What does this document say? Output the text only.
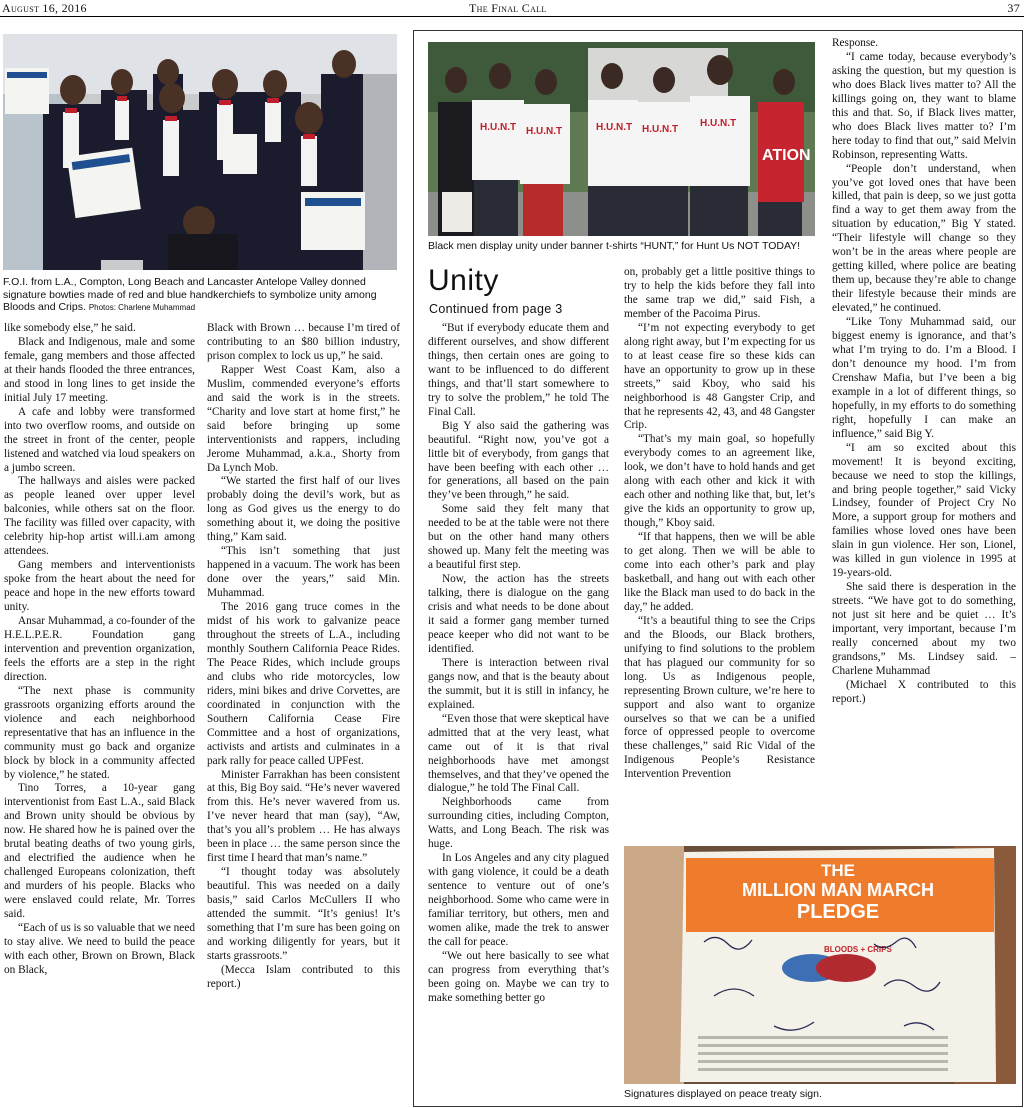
August 16, 2016	The Final Call	37
F.O.I. from L.A., Compton, Long Beach and Lancaster Antelope Valley donned signature bowties made of red and blue handkerchiefs to symbolize unity among Bloods and Crips. Photos: Charlene Muhammad

like somebody else,” he said.

Black and Indigenous, male and some female, gang members and those affected at their hands flooded the three entrances, and stood in long lines to get inside the initial July 17 meeting.

A cafe and lobby were transformed into two overflow rooms, and outside on the street in front of the center, people listened and watched via loud speakers on a jumbo screen.

The hallways and aisles were packed as people leaned over upper level balconies, while others sat on the floor. The facility was filled over capacity, with celebrity hip-hop artist will.i.am among attendees.

Gang members and interventionists spoke from the heart about the need for peace and hope in the new efforts toward unity.

Ansar Muhammad, a co-founder of the H.E.L.P.E.R. Foundation gang intervention and prevention organization, feels the efforts are a step in the right direction.

“The next phase is community grassroots organizing efforts around the violence and each neighborhood representative that has an influence in the community must go back and organize block by block in a community affected by violence,” he stated.

Tino Torres, a 10-year gang interventionist from East L.A., said Black and Brown unity should be obvious by now. He shared how he is pained over the brutal beating deaths of two young girls, and electrified the audience when he challenged Europeans colonization, theft and murders of his people. Blacks who were enslaved could relate, Mr. Torres said.

“Each of us is so valuable that we need to stay alive. We need to build the peace with each other, Brown on Brown, Black on Black,

Black with Brown … because I’m tired of contributing to an $80 billion industry, prison complex to lock us up,” he said.

Rapper West Coast Kam, also a Muslim, commended everyone’s efforts and said the work is in the streets. “Charity and love start at home first,” he said before bringing up some interventionists and rappers, including Jerome Muhammad, a.k.a., Shorty from Da Lynch Mob.

“We started the first half of our lives probably doing the devil’s work, but as long as God gives us the energy to do something about it, we doing the positive thing,” Kam said.

“This isn’t something that just happened in a vacuum. The work has been done over the years,” said Min. Muhammad.

The 2016 gang truce comes in the midst of his work to galvanize peace throughout the streets of L.A., including monthly Southern California Peace Rides. The Peace Rides, which include groups and clubs who ride motorcycles, low riders, mini bikes and drive Corvettes, are coordinated in conjunction with the Southern California Cease Fire Committee and a host of organizations, activists and artists and culminates in a park rally for peace called UPFest.

Minister Farrakhan has been consistent at this, Big Boy said. “He’s never wavered from this. He’s never wavered from us. I’ve never heard that man (say), “Aw, that’s you all’s problem … He has always been in place … the same person since the first time I heard that man’s name.”

“I thought today was absolutely beautiful. This was needed on a daily basis,” said Carlos McCullers II who attended the summit. “It’s genius! It’s something that I’m sure has been going on and working diligently for years, but it starts grassroots.”

(Mecca Islam contributed to this report.)

H.U.N.T H.U.N.T	H.U.N.T H.U.N.T
H.U.N.T
ATION
Black men display unity under banner t-shirts “HUNT,” for Hunt Us NOT TODAY!
Unity
Continued from page 3

“But if everybody educate them and different ourselves, and show different things, then certain ones are going to want to be influenced to do different things, and that’ll start somewhere to try to solve the problem,” he told The Final Call.

Big Y also said the gathering was beautiful. “Right now, you’ve got a little bit of everybody, from gangs that have been beefing with each other … for generations, all based on the pain they’ve been through,” he said.

Some said they felt many that needed to be at the table were not there but on the other hand many others showed up. Many felt the meeting was a beautiful first step.

Now, the action has the streets talking, there is dialogue on the gang crisis and what needs to be done about it said a former gang member turned peace keeper who did not want to be identified.

There is interaction between rival gangs now, and that is the beauty about the summit, but it is still in infancy, he explained.

“Even those that were skeptical have admitted that at the very least, what came out of it is that rival neighborhoods have met amongst themselves, and that they’ve opened the dialogue,” he told The Final Call.

Neighborhoods came from surrounding cities, including Compton, Watts, and Long Beach. The risk was huge.

In Los Angeles and any city plagued with gang violence, it could be a death sentence to venture out of one’s neighborhood. Some who came were in familiar territory, but others, men and women alike, made the trek to answer the call for peace.

“We out here basically to see what can progress from everything that’s been going on. Maybe we can try to make something better go

on, probably get a little positive things to try to help the kids before they fall into the same trap we did,” said Fish, a member of the Pacoima Pirus.

“I’m not expecting everybody to get along right away, but I’m expecting for us to at least cease fire so these kids can have an opportunity to grow up in these streets,” said Kboy, who said his neighborhood is 48 Gangster Crip, and that he represents 42, 43, and 48 Gangster Crip.

“That’s my main goal, so hopefully everybody comes to an agreement like, look, we don’t have to hold hands and get along with each other and kick it with each other and nothing like that, but, let’s give the kids an opportunity to grow up, though,” Kboy said.

“If that happens, then we will be able to get along. Then we will be able to come into each other’s park and play basketball, and hang out with each other like the Black man used to do back in the day,” he added.

“It’s a beautiful thing to see the Crips and the Bloods, our Black brothers, unifying to find solutions to the problem that has plagued our community for so long. Us as Indigenous people, representing Brown culture, we’re here to support and also want to organize ourselves so that we can be a unified force of oppressed people to overcome these challenges,” said Ric Vidal of the Indigenous People’s Resistance Intervention Prevention

Response.

“I came today, because everybody’s asking the question, but my question is who does Black lives matter to? All the killings going on, they want to blame this and that. So, if Black lives matter, who does Black lives matter to? I’m here today to find that out,” said Melvin Robinson, representing Watts.

“People don’t understand, when you’ve got loved ones that have been killed, that pain is deep, so we just gotta find a way to get them away from the situation by education,” Big Y stated. “Their lifestyle will change so they won’t be in the areas where people are getting killed, where police are beating them up, because they’re able to change their lifestyle because their minds are elevated,” he continued.

“Like Tony Muhammad said, our biggest enemy is ignorance, and that’s what I’m trying to do. I’m a Blood. I don’t denounce my hood. I’m from Crenshaw Mafia, but I’ve been a big example in a lot of different things, so hopefully, in my efforts to do something right, hopefully I can make an influence,” said Big Y.

“I am so excited about this movement! It is beyond exciting, because we need to stop the killings, and bring people together,” said Vicky Lindsey, founder of Project Cry No More, a support group for mothers and families whose loved ones have been slain in gun violence. Her son, Lionel, was killed in gun violence in 1995 at 19-years-old.

She said there is desperation in the streets. “We have got to do something, not just sit here and be quiet … It’s important, very important, because I’m really concerned about my two grandsons,” Ms. Lindsey said. –Charlene Muhammad

(Michael X contributed to this report.)

THE
MILLION MAN MARCH
PLEDGE
BLOODS + CRIPS
Signatures displayed on peace treaty sign.
